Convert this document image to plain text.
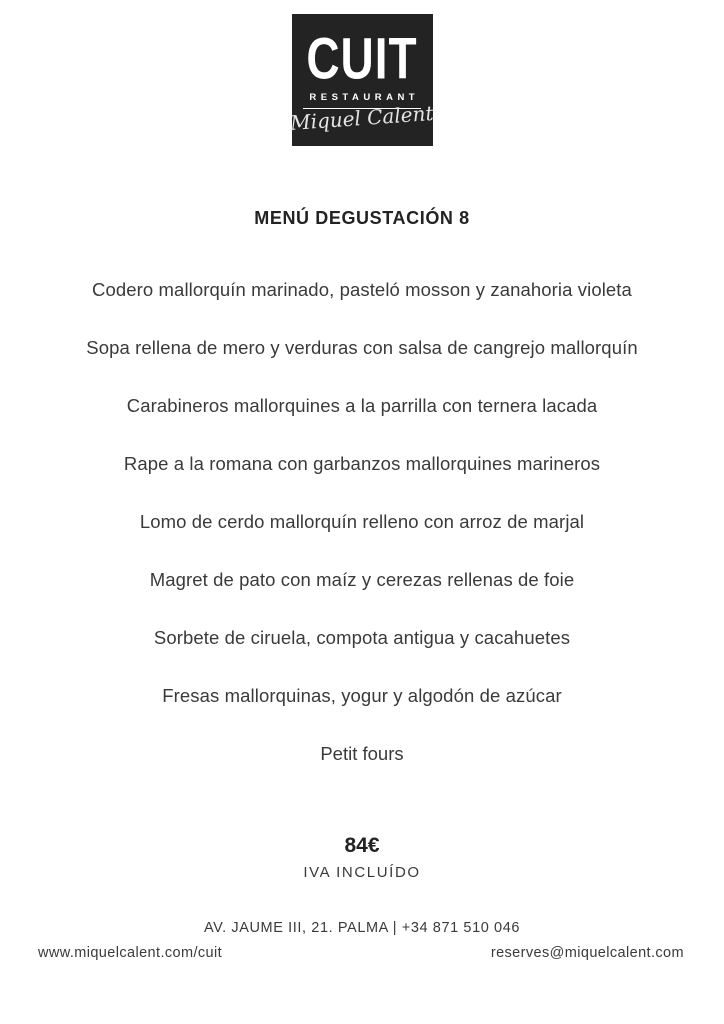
CUIT
RESTAURANT
Miquel Calent
MENÚ DEGUSTACIÓN 8
Codero mallorquín marinado, pasteló mosson y zanahoria violeta
Sopa rellena de mero y verduras con salsa de cangrejo mallorquín
Carabineros mallorquines a la parrilla con ternera lacada
Rape a la romana con garbanzos mallorquines marineros
Lomo de cerdo mallorquín relleno con arroz de marjal
Magret de pato con maíz y cerezas rellenas de foie
Sorbete de ciruela, compota antigua y cacahuetes
Fresas mallorquinas, yogur y algodón de azúcar
Petit fours
84€
IVA INCLUÍDO
AV. JAUME III, 21. PALMA | +34 871 510 046
www.miquelcalent.com/cuit	reserves@miquelcalent.com
